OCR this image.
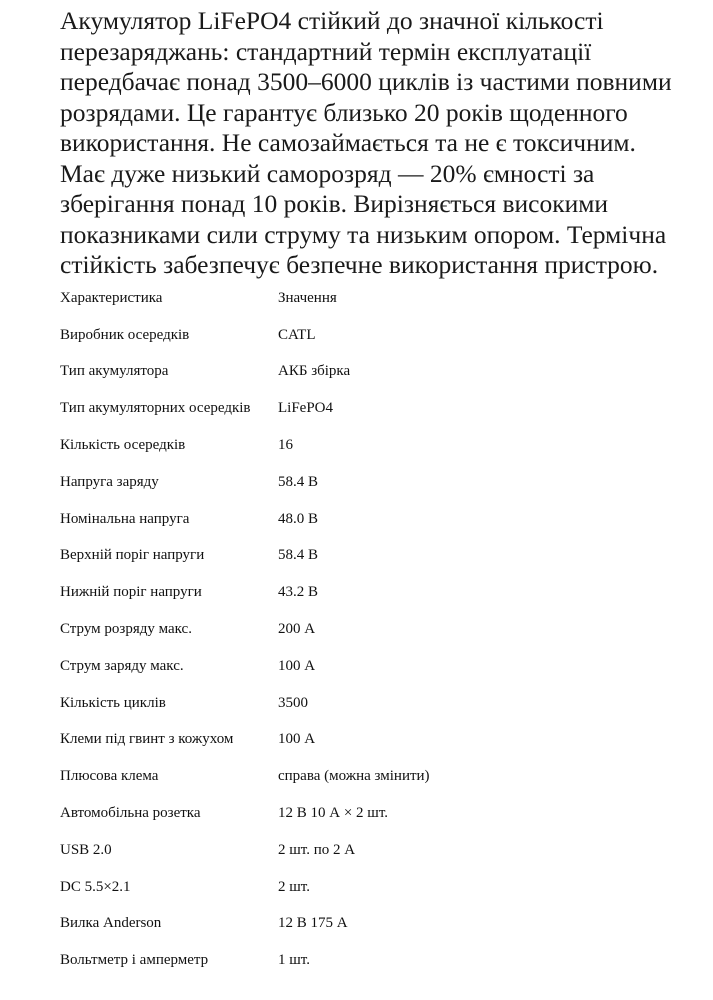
Акумулятор LiFePO4 стійкий до значної кількості
перезаряджань: стандартний термін експлуатації
передбачає понад 3500–6000 циклів із частими повними
розрядами. Це гарантує близько 20 років щоденного
використання. Не самозаймається та не є токсичним.
Має дуже низький саморозряд — 20% ємності за
зберігання понад 10 років. Вирізняється високими
показниками сили струму та низьким опором. Термічна
стійкість забезпечує безпечне використання пристрою.
Характеристика	Значення
Виробник осередків	CATL
Тип акумулятора	АКБ збірка
Тип акумуляторних осередків	LiFePO4
Кількість осередків	16
Напруга заряду	58.4 В
Номінальна напруга	48.0 В
Верхній поріг напруги	58.4 В
Нижній поріг напруги	43.2 В
Струм розряду макс.	200 А
Струм заряду макс.	100 А
Кількість циклів	3500
Клеми під гвинт з кожухом	100 А
Плюсова клема	справа (можна змінити)
Автомобільна розетка	12 В 10 А × 2 шт.
USB 2.0	2 шт. по 2 А
DC 5.5×2.1	2 шт.
Вилка Anderson	12 В 175 А
Вольтметр і амперметр	1 шт.
